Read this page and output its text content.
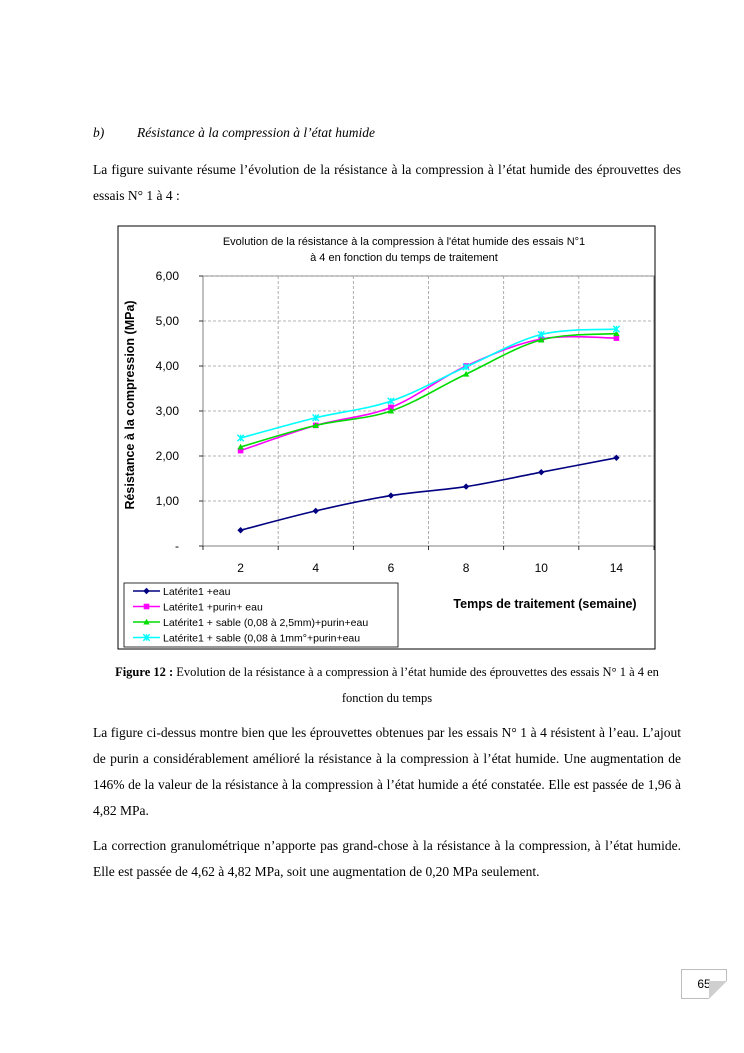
b) Résistance à la compression à l’état humide
La figure suivante résume l’évolution de la résistance à la compression à l’état humide des éprouvettes des essais N° 1 à 4 :
Evolution de la résistance à la compression à l'état humide des essais N°1
à 4 en fonction du temps de traitement
-
1,00
2,00
3,00
4,00
5,00
6,00
2	4	6	8	10	14
Résistance à la compression (MPa)
Temps de traitement (semaine)
Latérite1 +eau
Latérite1 +purin+ eau
Latérite1 + sable (0,08 à 2,5mm)+purin+eau
Latérite1 + sable (0,08 à 1mm°+purin+eau
Figure 12 : Evolution de la résistance à a compression à l’état humide des éprouvettes des essais N° 1 à 4 en fonction du temps
La figure ci-dessus montre bien que les éprouvettes obtenues par les essais N° 1 à 4 résistent à l’eau. L’ajout de purin a considérablement amélioré la résistance à la compression à l’état humide. Une augmentation de 146% de la valeur de la résistance à la compression à l’état humide a été constatée. Elle est passée de 1,96 à 4,82 MPa.
La correction granulométrique n’apporte pas grand-chose à la résistance à la compression, à l’état humide. Elle est passée de 4,62 à 4,82 MPa, soit une augmentation de 0,20 MPa seulement.
65
